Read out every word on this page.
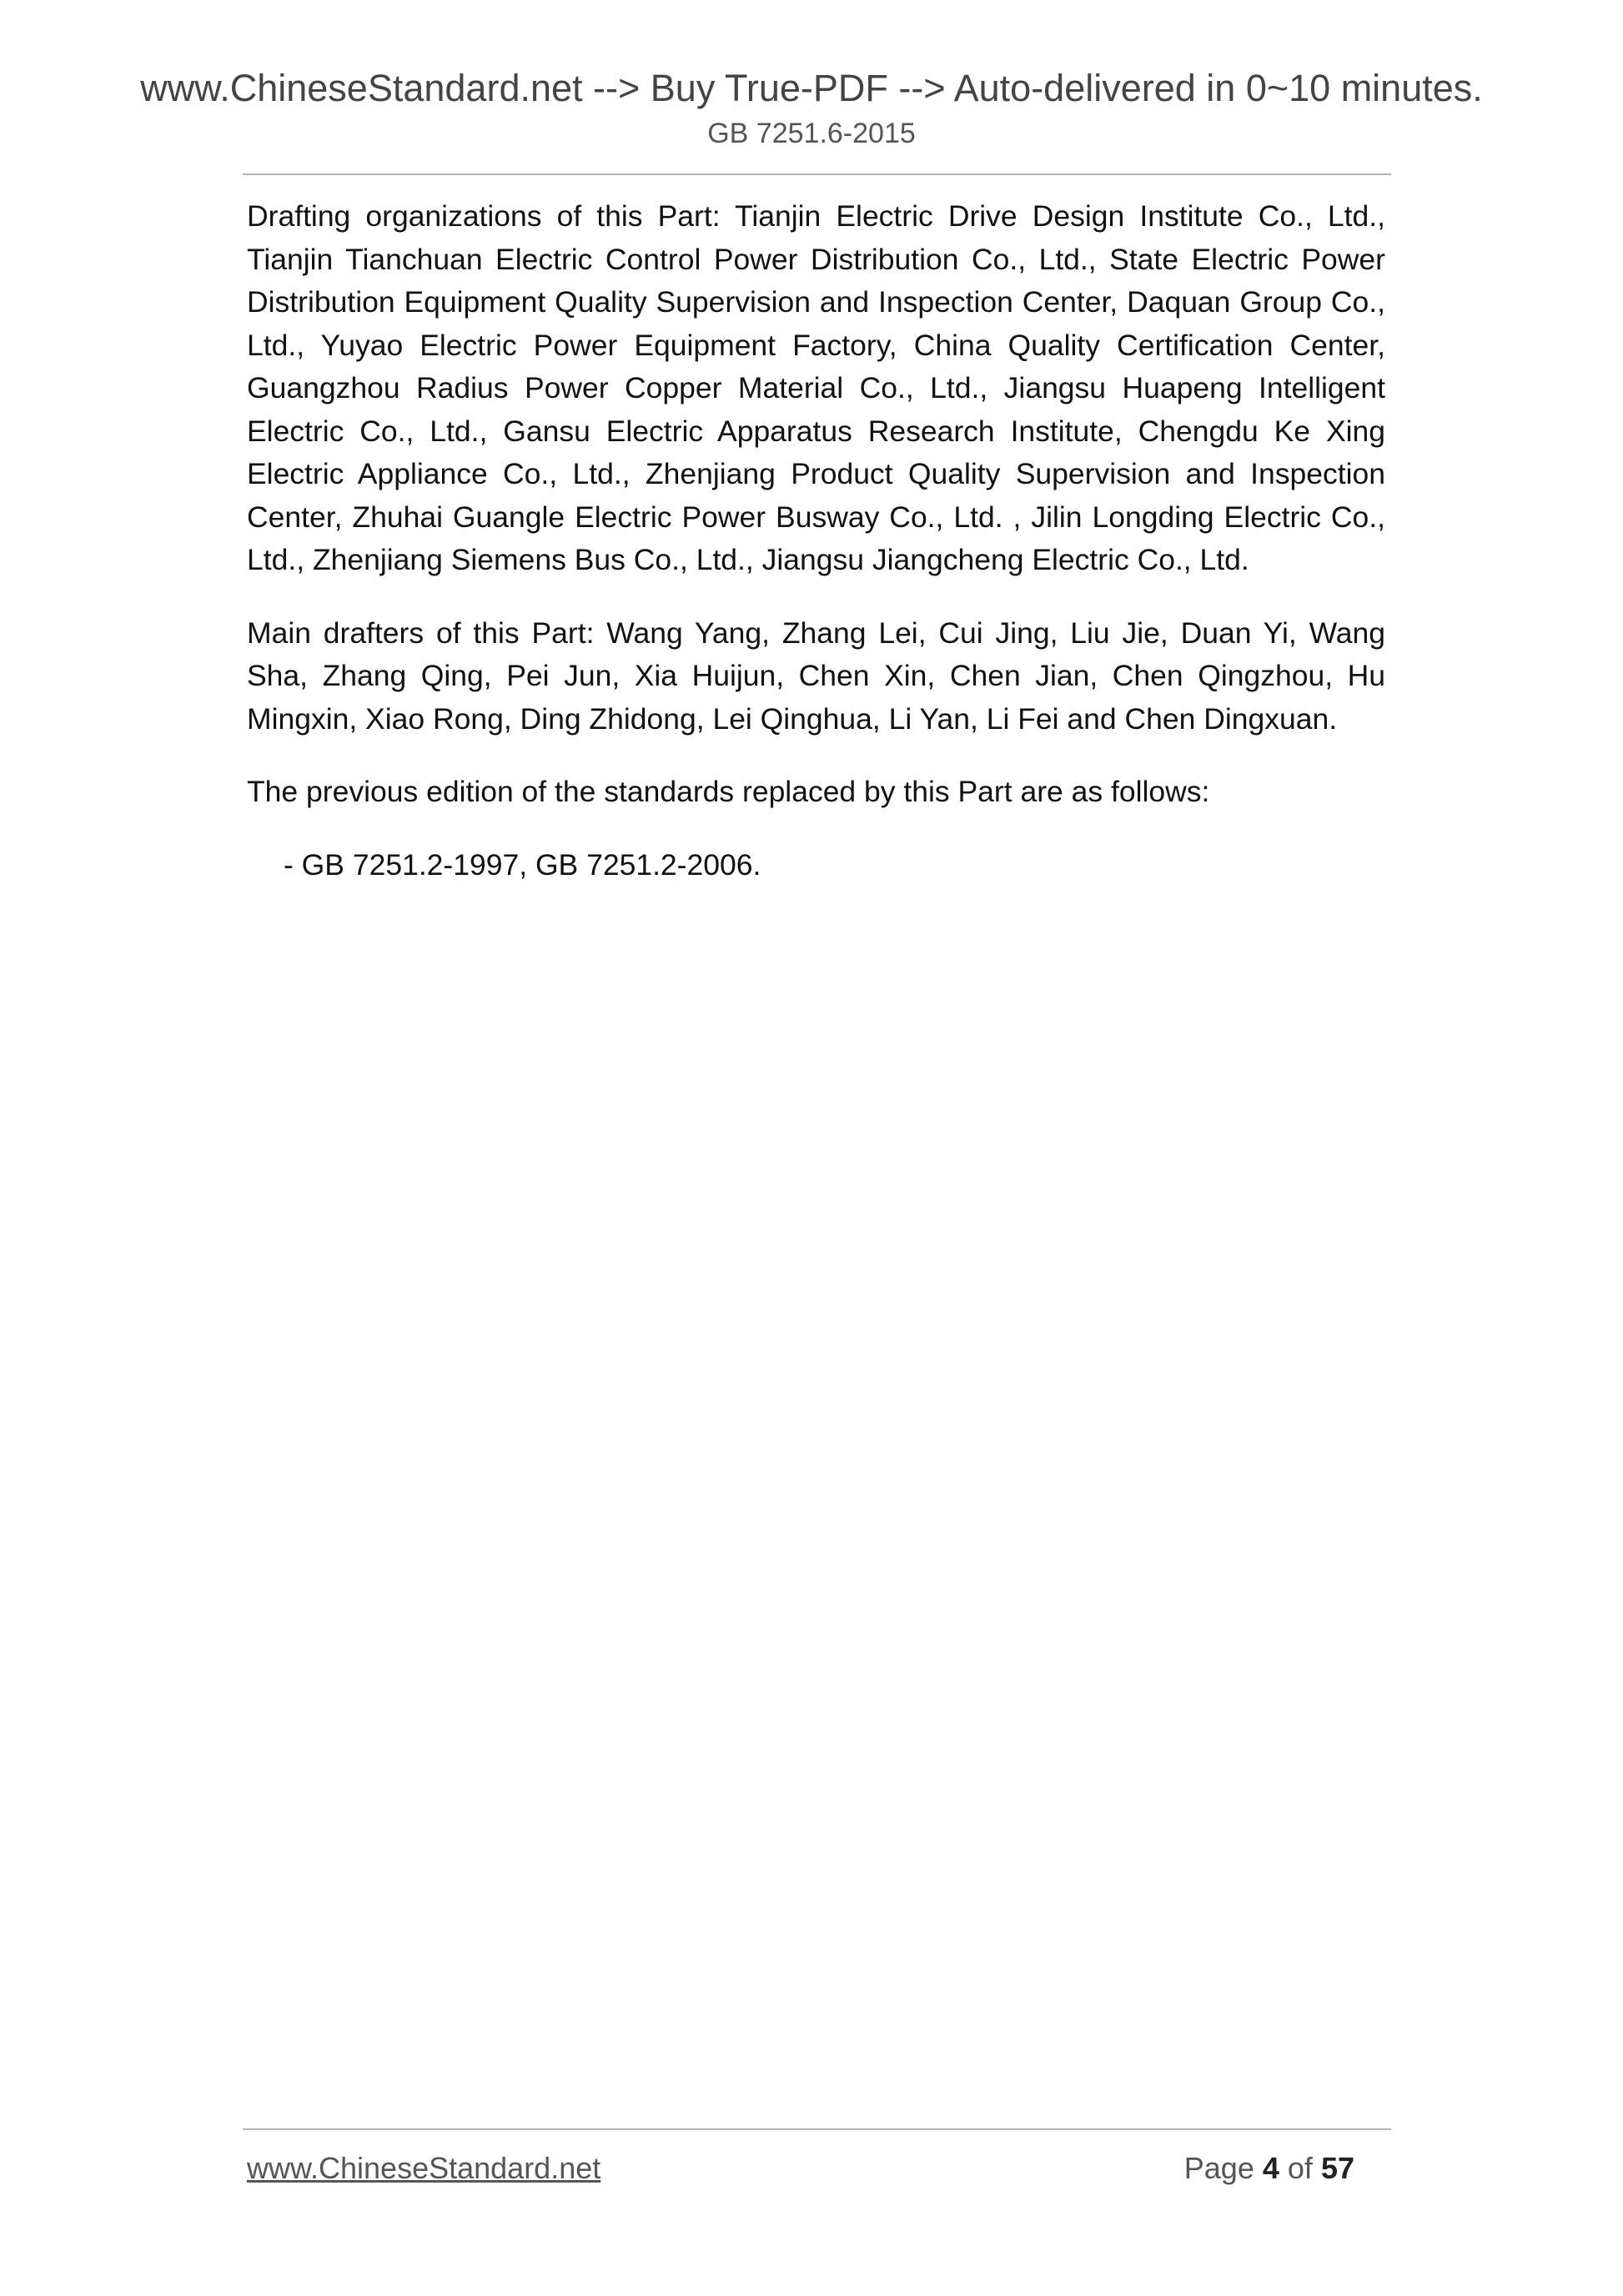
www.ChineseStandard.net --> Buy True-PDF --> Auto-delivered in 0~10 minutes.
GB 7251.6-2015

Drafting organizations of this Part: Tianjin Electric Drive Design Institute Co., Ltd., Tianjin Tianchuan Electric Control Power Distribution Co., Ltd., State Electric Power Distribution Equipment Quality Supervision and Inspection Center, Daquan Group Co., Ltd., Yuyao Electric Power Equipment Factory, China Quality Certification Center, Guangzhou Radius Power Copper Material Co., Ltd., Jiangsu Huapeng Intelligent Electric Co., Ltd., Gansu Electric Apparatus Research Institute, Chengdu Ke Xing Electric Appliance Co., Ltd., Zhenjiang Product Quality Supervision and Inspection Center, Zhuhai Guangle Electric Power Busway Co., Ltd. , Jilin Longding Electric Co., Ltd., Zhenjiang Siemens Bus Co., Ltd., Jiangsu Jiangcheng Electric Co., Ltd.

Main drafters of this Part: Wang Yang, Zhang Lei, Cui Jing, Liu Jie, Duan Yi, Wang Sha, Zhang Qing, Pei Jun, Xia Huijun, Chen Xin, Chen Jian, Chen Qingzhou, Hu Mingxin, Xiao Rong, Ding Zhidong, Lei Qinghua, Li Yan, Li Fei and Chen Dingxuan.

The previous edition of the standards replaced by this Part are as follows:

- GB 7251.2-1997, GB 7251.2-2006.

www.ChineseStandard.net	Page 4 of 57
